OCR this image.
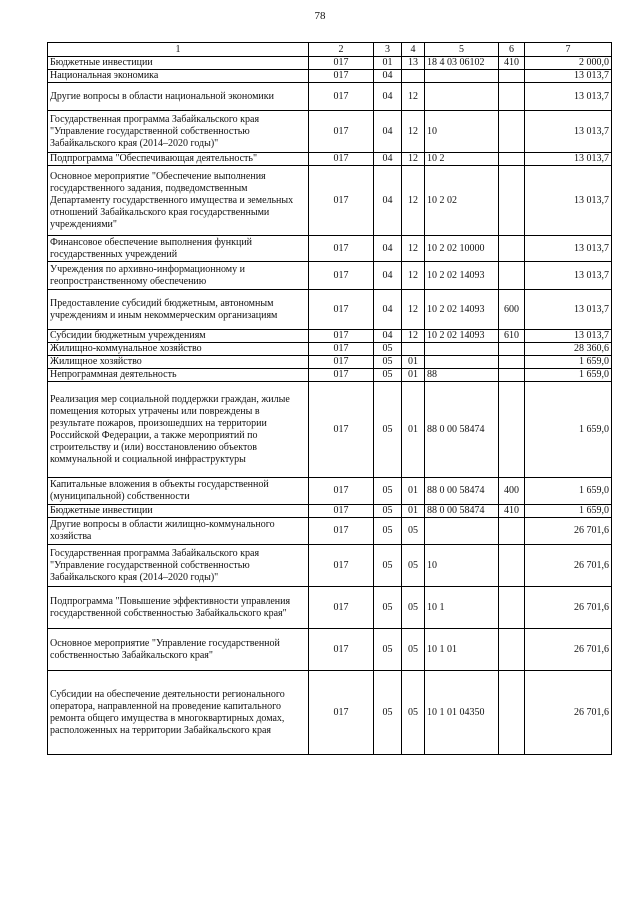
78
1	2	3	4	5	6	7
Бюджетные инвестиции	017	01	13	18 4 03 06102	410	2 000,0
Национальная экономика	017	04				13 013,7
Другие вопросы в области национальной экономики	017	04	12			13 013,7
Государственная программа Забайкальского края "Управление государственной собственностью Забайкальского края (2014–2020 годы)"	017	04	12	10		13 013,7
Подпрограмма "Обеспечивающая деятельность"	017	04	12	10 2		13 013,7
Основное мероприятие "Обеспечение выполнения государственного задания, подведомственным Департаменту государственного имущества и земельных отношений Забайкальского края государственными учреждениями"	017	04	12	10 2 02		13 013,7
Финансовое обеспечение выполнения функций государственных учреждений	017	04	12	10 2 02 10000		13 013,7
Учреждения по архивно-информационному и геопространственному обеспечению	017	04	12	10 2 02 14093		13 013,7
Предоставление субсидий бюджетным, автономным учреждениям и иным некоммерческим организациям	017	04	12	10 2 02 14093	600	13 013,7
Субсидии бюджетным учреждениям	017	04	12	10 2 02 14093	610	13 013,7
Жилищно-коммунальное хозяйство	017	05				28 360,6
Жилищное хозяйство	017	05	01			1 659,0
Непрограммная деятельность	017	05	01	88		1 659,0
Реализация мер социальной поддержки граждан, жилые помещения которых утрачены или повреждены в результате пожаров, произошедших на территории Российской Федерации, а также мероприятий по строительству и (или) восстановлению объектов коммунальной и социальной инфраструктуры	017	05	01	88 0 00 58474		1 659,0
Капитальные вложения в объекты государственной (муниципальной) собственности	017	05	01	88 0 00 58474	400	1 659,0
Бюджетные инвестиции	017	05	01	88 0 00 58474	410	1 659,0
Другие вопросы в области жилищно-коммунального хозяйства	017	05	05			26 701,6
Государственная программа Забайкальского края "Управление государственной собственностью Забайкальского края (2014–2020 годы)"	017	05	05	10		26 701,6
Подпрограмма "Повышение эффективности управления государственной собственностью Забайкальского края"	017	05	05	10 1		26 701,6
Основное мероприятие "Управление государственной собственностью Забайкальского края"	017	05	05	10 1 01		26 701,6
Субсидии на обеспечение деятельности регионального оператора, направленной на проведение капитального ремонта общего имущества в многоквартирных домах, расположенных на территории Забайкальского края	017	05	05	10 1 01 04350		26 701,6
